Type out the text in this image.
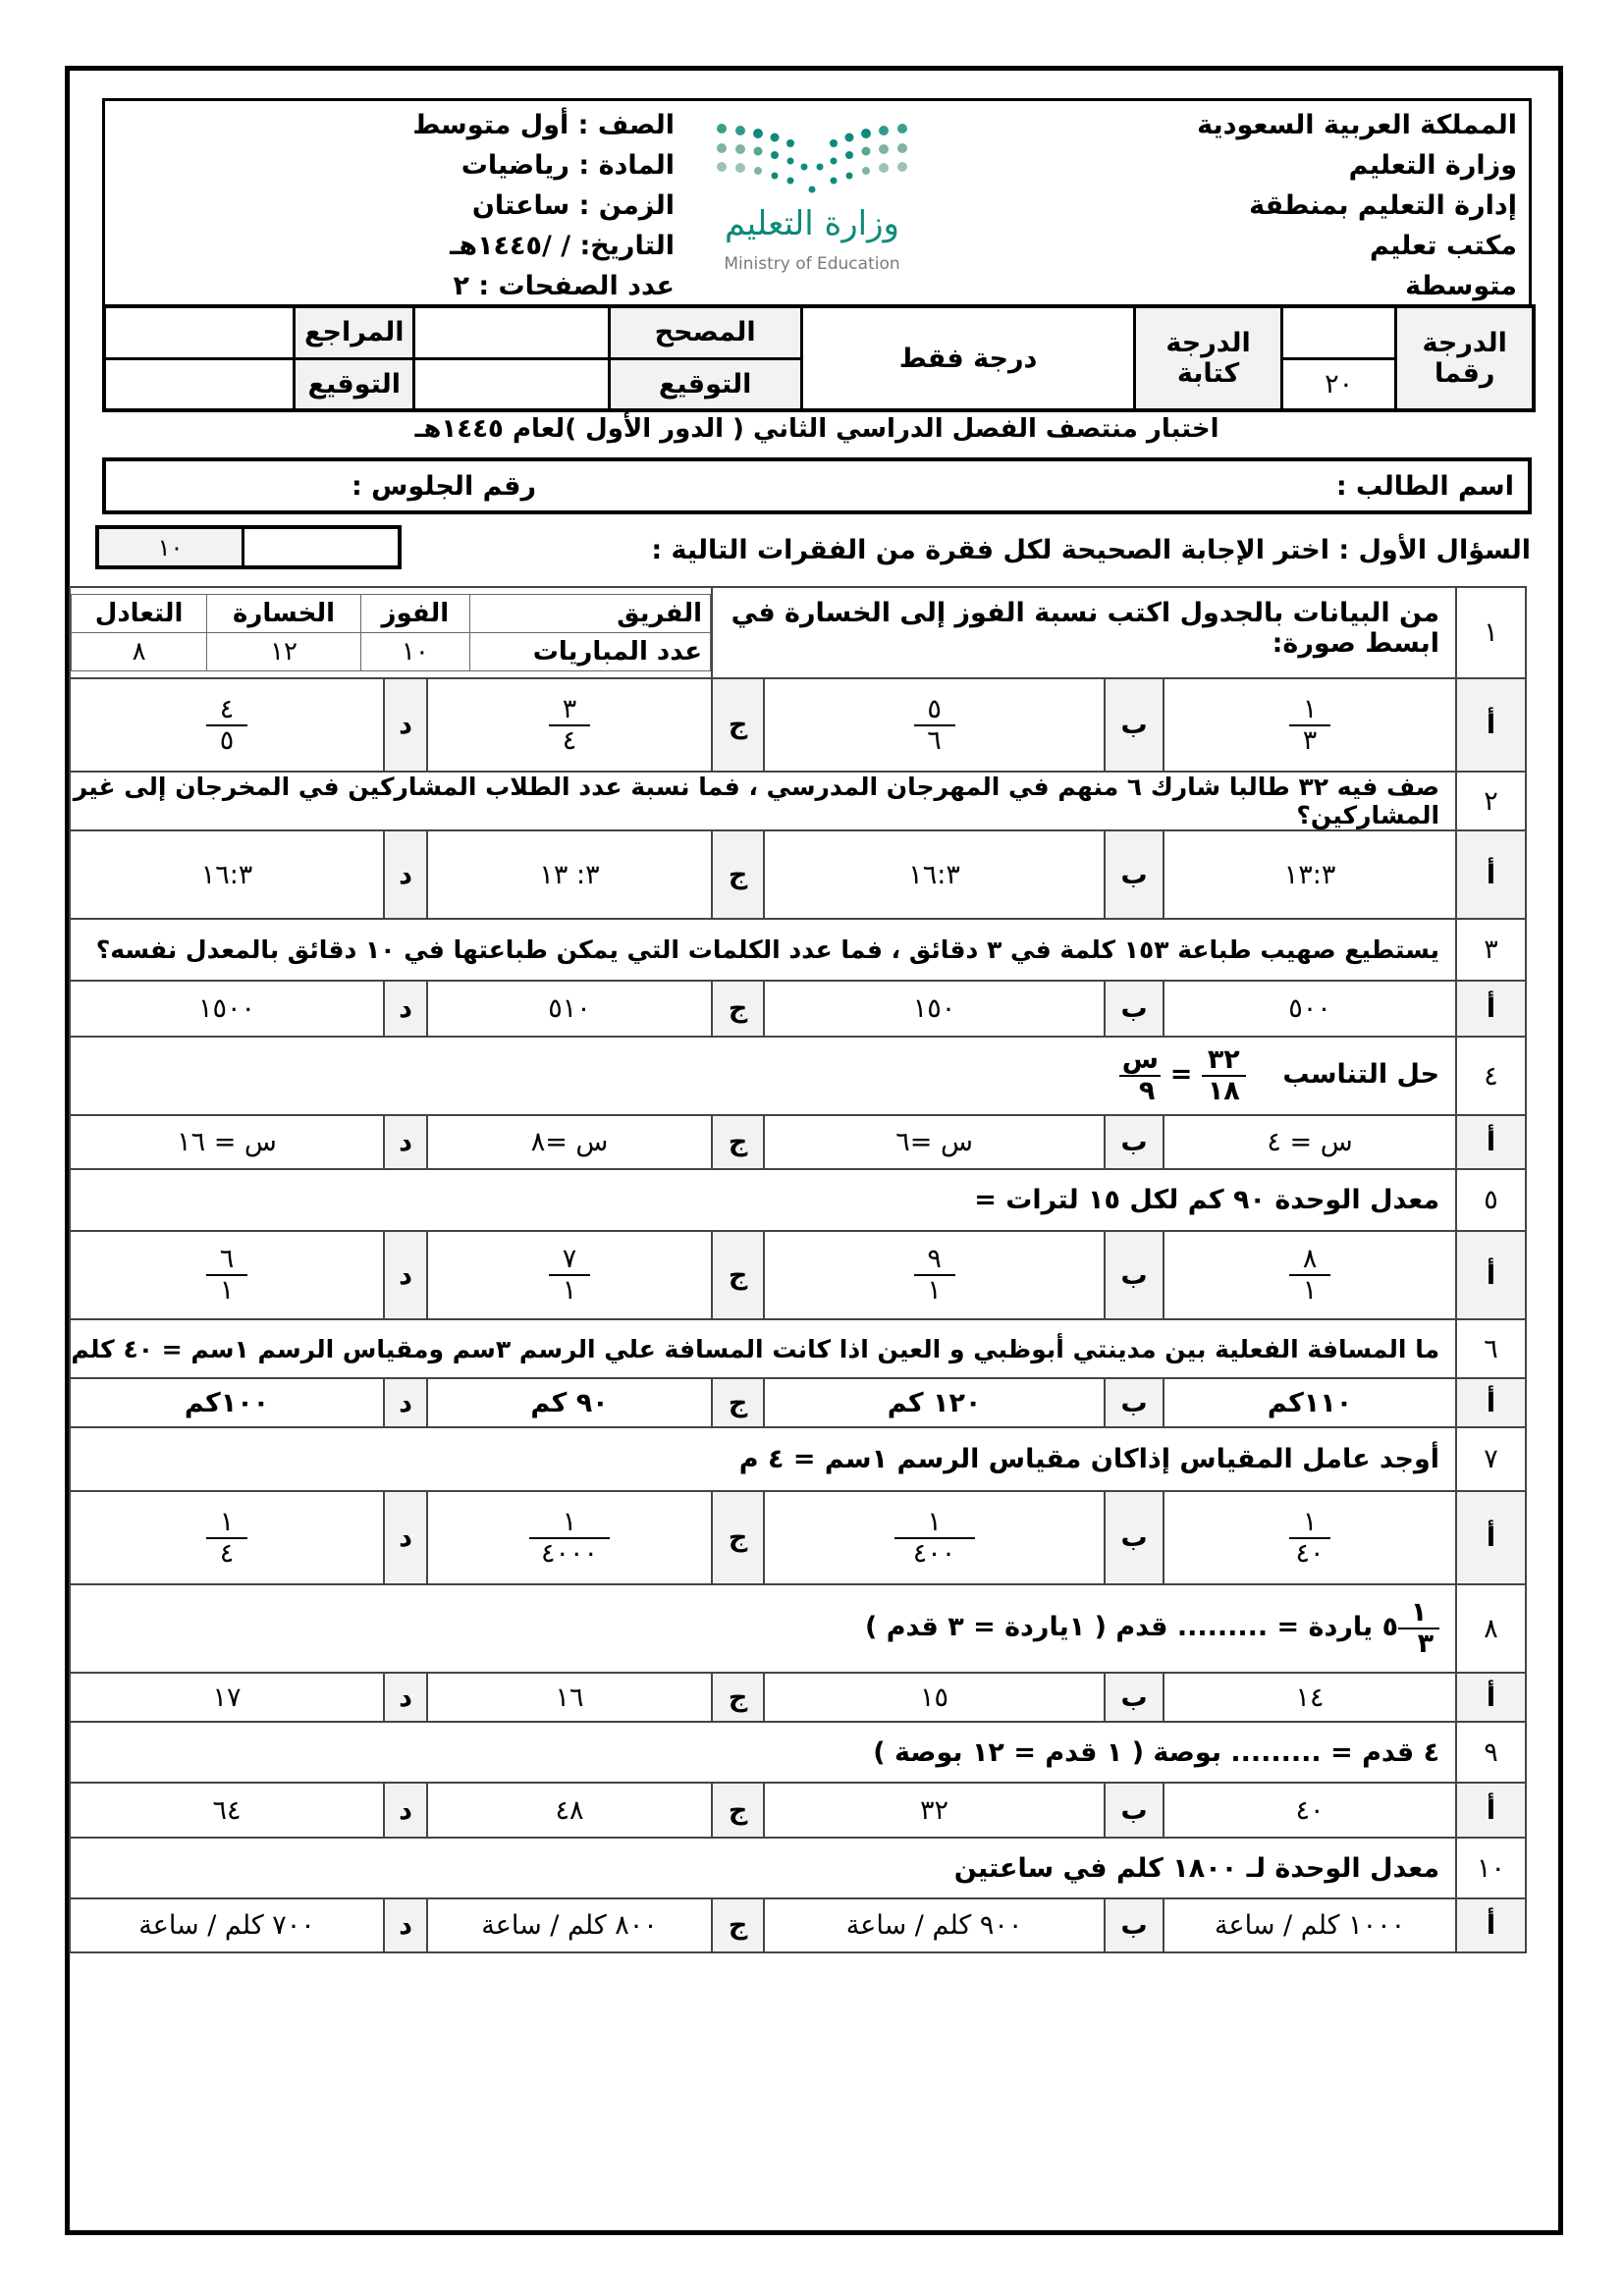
المملكة العربية السعودية
وزارة التعليم
إدارة التعليم بمنطقة
مكتب تعليم
متوسطة
وزارة التعليم
Ministry of Education
الصف : أول متوسط
المادة : رياضيات
الزمن : ساعتان
التاريخ: / /١٤٤٥هـ
عدد الصفحات : ٢
الدرجة
رقما		الدرجة
كتابة	درجة فقط	المصحح		المراجع	
	٢٠			التوقيع		التوقيع	
اختبار منتصف الفصل الدراسي الثاني ( الدور الأول )لعام ١٤٤٥هـ
اسم الطالب :
رقم الجلوس :
١٠	السؤال الأول : اختر الإجابة الصحيحة لكل فقرة من الفقرات التالية :
١	من البيانات بالجدول اكتب نسبة الفوز إلى الخسارة في ابسط صورة:	
الفريق	الفوز	الخسارة	التعادل
عدد المباريات	١٠	١٢	٨

أ	
$\frac{١}{٣}$
	ب	
$\frac{٥}{٦}$
	ج	
$\frac{٣}{٤}$
	د	
$\frac{٤}{٥}$

٢	صف فيه ٣٢ طالبا شارك ٦ منهم في المهرجان المدرسي ، فما نسبة عدد الطلاب المشاركين في المخرجان إلى غير المشاركين؟
أ	١٣:٣	ب	١٦:٣	ج	٣: ١٣	د	١٦:٣
٣	يستطيع صهيب طباعة ١٥٣ كلمة في ٣ دقائق ، فما عدد الكلمات التي يمكن طباعتها في ١٠ دقائق بالمعدل نفسه؟
أ	٥٠٠	ب	١٥٠	ج	٥١٠	د	١٥٠٠
٤	حل التناسب
$\frac{٣٢}{١٨}$
=
$\frac{\text{س}}{٩}$

أ	س = ٤	ب	س =٦	ج	س =٨	د	س = ١٦
٥	معدل الوحدة ٩٠ كم لكل ١٥ لترات =
أ	
$\frac{٨}{١}$
	ب	
$\frac{٩}{١}$
	ج	
$\frac{٧}{١}$
	د	
$\frac{٦}{١}$

٦	ما المسافة الفعلية بين مدينتي أبوظبي و العين اذا كانت المسافة علي الرسم ٣سم ومقياس الرسم ١سم = ٤٠ كلم
أ	١١٠كم	ب	١٢٠ كم	ج	٩٠ كم	د	١٠٠كم
٧	أوجد عامل المقياس إذاكان مقياس الرسم ١سم = ٤ م
أ	
$\frac{١}{٤٠}$
	ب	
$\frac{١}{٤٠٠}$
	ج	
$\frac{١}{٤٠٠٠}$
	د	
$\frac{١}{٤}$

٨	
$\frac{١}{٣}$
٥ ياردة = ......... قدم ( ١ياردة = ٣ قدم )
أ	١٤	ب	١٥	ج	١٦	د	١٧
٩	٤ قدم = ......... بوصة ( ١ قدم = ١٢ بوصة )
أ	٤٠	ب	٣٢	ج	٤٨	د	٦٤
١٠	معدل الوحدة لـ ١٨٠٠ كلم في ساعتين
أ	١٠٠٠ كلم / ساعة	ب	٩٠٠ كلم / ساعة	ج	٨٠٠ كلم / ساعة	د	٧٠٠ كلم / ساعة
